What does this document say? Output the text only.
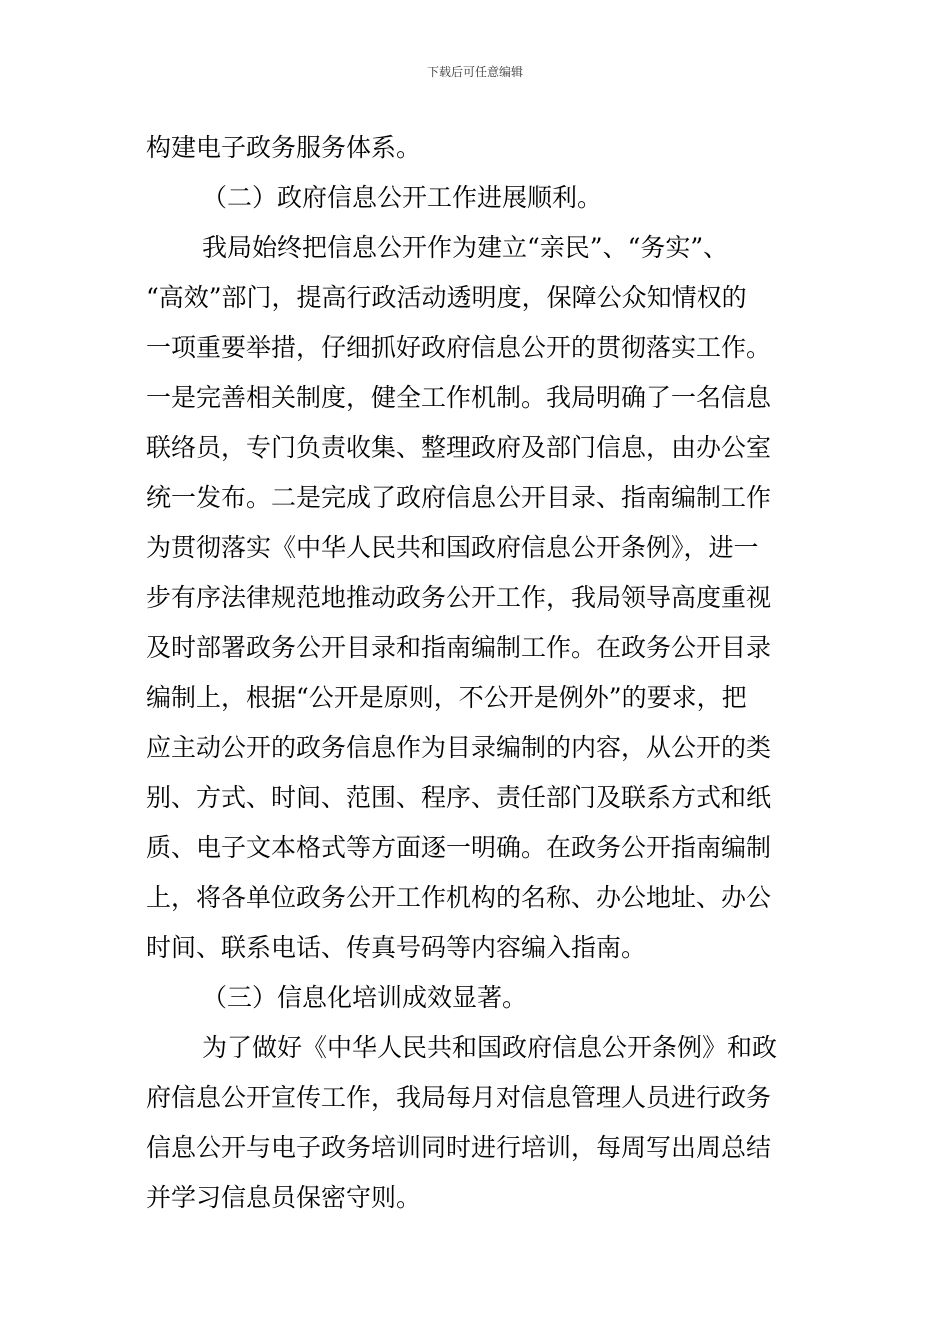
下载后可任意编辑
构建电子政务服务体系。
（二）政府信息公开工作进展顺利。
我局始终把信息公开作为建立“亲民”、“务实”、
“高效”部门，提高行政活动透明度，保障公众知情权的
一项重要举措，仔细抓好政府信息公开的贯彻落实工作。
一是完善相关制度，健全工作机制。我局明确了一名信息
联络员，专门负责收集、整理政府及部门信息，由办公室
统一发布。二是完成了政府信息公开目录、指南编制工作
为贯彻落实《中华人民共和国政府信息公开条例》，进一
步有序法律规范地推动政务公开工作，我局领导高度重视
及时部署政务公开目录和指南编制工作。在政务公开目录
编制上，根据“公开是原则，不公开是例外”的要求，把
应主动公开的政务信息作为目录编制的内容，从公开的类
别、方式、时间、范围、程序、责任部门及联系方式和纸
质、电子文本格式等方面逐一明确。在政务公开指南编制
上，将各单位政务公开工作机构的名称、办公地址、办公
时间、联系电话、传真号码等内容编入指南。
（三）信息化培训成效显著。
为了做好《中华人民共和国政府信息公开条例》和政
府信息公开宣传工作，我局每月对信息管理人员进行政务
信息公开与电子政务培训同时进行培训，每周写出周总结
并学习信息员保密守则。
